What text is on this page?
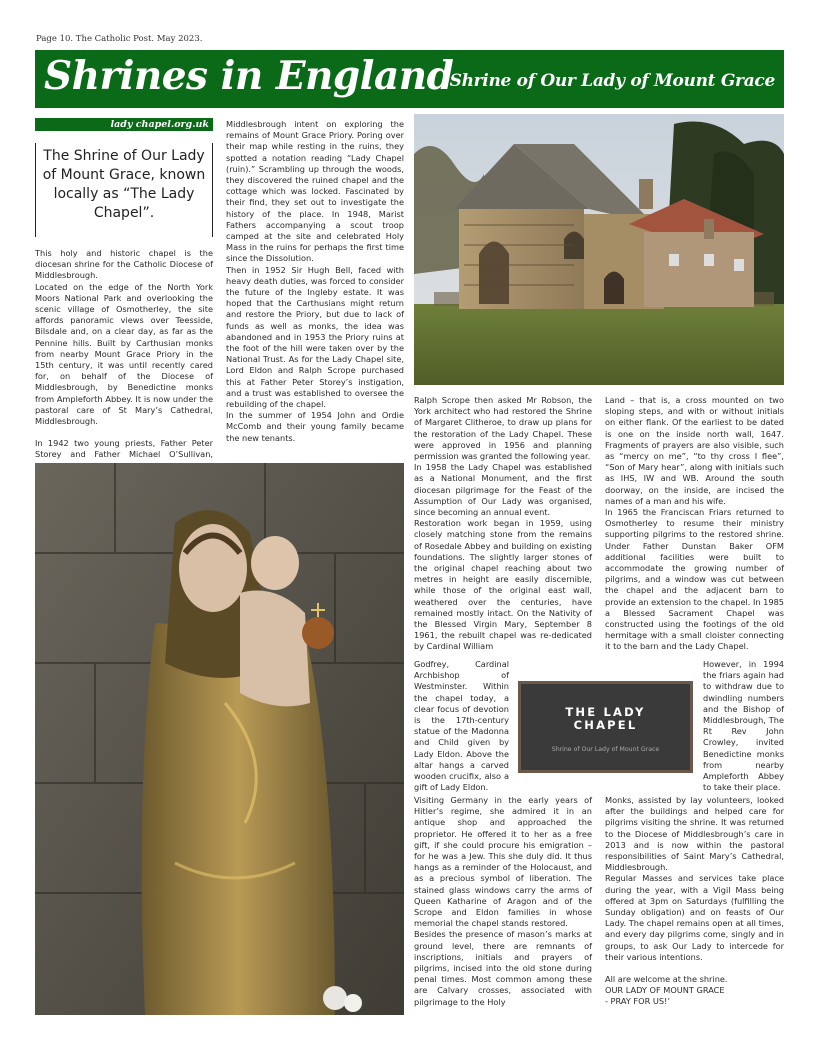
Page 10. The Catholic Post. May 2023.
Shrines in England
Shrine of Our Lady of Mount Grace
lady chapel.org.uk
The Shrine of Our Lady of Mount Grace, known locally as “The Lady Chapel”.

This holy and historic chapel is the diocesan shrine for the Catholic Diocese of Middlesbrough.

Located on the edge of the North York Moors National Park and overlooking the scenic village of Osmotherley, the site affords panoramic views over Teesside, Bilsdale and, on a clear day, as far as the Pennine hills. Built by Carthusian monks from nearby Mount Grace Priory in the 15th century, it was until recently cared for, on behalf of the Diocese of Middlesbrough, by Benedictine monks from Ampleforth Abbey. It is now under the pastoral care of St Mary’s Cathedral, Middlesbrough.

In 1942 two young priests, Father Peter Storey and Father Michael O’Sullivan,

Middlesbrough intent on exploring the remains of Mount Grace Priory. Poring over their map while resting in the ruins, they spotted a notation reading “Lady Chapel (ruin).” Scrambling up through the woods, they discovered the ruined chapel and the cottage which was locked. Fascinated by their find, they set out to investigate the history of the place. In 1948, Marist Fathers accompanying a scout troop camped at the site and celebrated Holy Mass in the ruins for perhaps the first time since the Dissolution.

Then in 1952 Sir Hugh Bell, faced with heavy death duties, was forced to consider the future of the Ingleby estate. It was hoped that the Carthusians might return and restore the Priory, but due to lack of funds as well as monks, the idea was abandoned and in 1953 the Priory ruins at the foot of the hill were taken over by the National Trust. As for the Lady Chapel site, Lord Eldon and Ralph Scrope purchased this at Father Peter Storey’s instigation, and a trust was established to oversee the rebuilding of the chapel.

In the summer of 1954 John and Ordie McComb and their young family became the new tenants.

Ralph Scrope then asked Mr Robson, the York architect who had restored the Shrine of Margaret Clitheroe, to draw up plans for the restoration of the Lady Chapel. These were approved in 1956 and planning permission was granted the following year.

In 1958 the Lady Chapel was established as a National Monument, and the first diocesan pilgrimage for the Feast of the Assumption of Our Lady was organised, since becoming an annual event.

Restoration work began in 1959, using closely matching stone from the remains of Rosedale Abbey and building on existing foundations. The slightly larger stones of the original chapel reaching about two metres in height are easily discernible, while those of the original east wall, weathered over the centuries, have remained mostly intact. On the Nativity of the Blessed Virgin Mary, September 8 1961, the rebuilt chapel was re-dedicated by Cardinal William

Godfrey, Cardinal Archbishop of Westminster. Within the chapel today, a clear focus of devotion is the 17th-century statue of the Madonna and Child given by Lady Eldon. Above the altar hangs a carved wooden crucifix, also a gift of Lady Eldon.

Visiting Germany in the early years of Hitler’s regime, she admired it in an antique shop and approached the proprietor. He offered it to her as a free gift, if she could procure his emigration – for he was a Jew. This she duly did. It thus hangs as a reminder of the Holocaust, and as a precious symbol of liberation. The stained glass windows carry the arms of Queen Katharine of Aragon and of the Scrope and Eldon families in whose memorial the chapel stands restored.

Besides the presence of mason’s marks at ground level, there are remnants of inscriptions, initials and prayers of pilgrims, incised into the old stone during penal times. Most common among these are Calvary crosses, associated with pilgrimage to the Holy

THE LADY
CHAPEL
Shrine of Our Lady of Mount Grace

Land – that is, a cross mounted on two sloping steps, and with or without initials on either flank. Of the earliest to be dated is one on the inside north wall, 1647. Fragments of prayers are also visible, such as “mercy on me”, “to thy cross I flee”, “Son of Mary hear”, along with initials such as IHS, IW and WB. Around the south doorway, on the inside, are incised the names of a man and his wife.

In 1965 the Franciscan Friars returned to Osmotherley to resume their ministry supporting pilgrims to the restored shrine. Under Father Dunstan Baker OFM additional facilities were built to accommodate the growing number of pilgrims, and a window was cut between the chapel and the adjacent barn to provide an extension to the chapel. In 1985 a Blessed Sacrament Chapel was constructed using the footings of the old hermitage with a small cloister connecting it to the barn and the Lady Chapel.

However, in 1994 the friars again had to withdraw due to dwindling numbers and the Bishop of Middlesbrough, The Rt Rev John Crowley, invited Benedictine monks from nearby Ampleforth Abbey to take their place.

Monks, assisted by lay volunteers, looked after the buildings and helped care for pilgrims visiting the shrine. It was returned to the Diocese of Middlesbrough’s care in 2013 and is now within the pastoral responsibilities of Saint Mary’s Cathedral, Middlesbrough.

Regular Masses and services take place during the year, with a Vigil Mass being offered at 3pm on Saturdays (fulfilling the Sunday obligation) and on feasts of Our Lady. The chapel remains open at all times, and every day pilgrims come, singly and in groups, to ask Our Lady to intercede for their various intentions.

All are welcome at the shrine.

OUR LADY OF MOUNT GRACE

- PRAY FOR US!’
